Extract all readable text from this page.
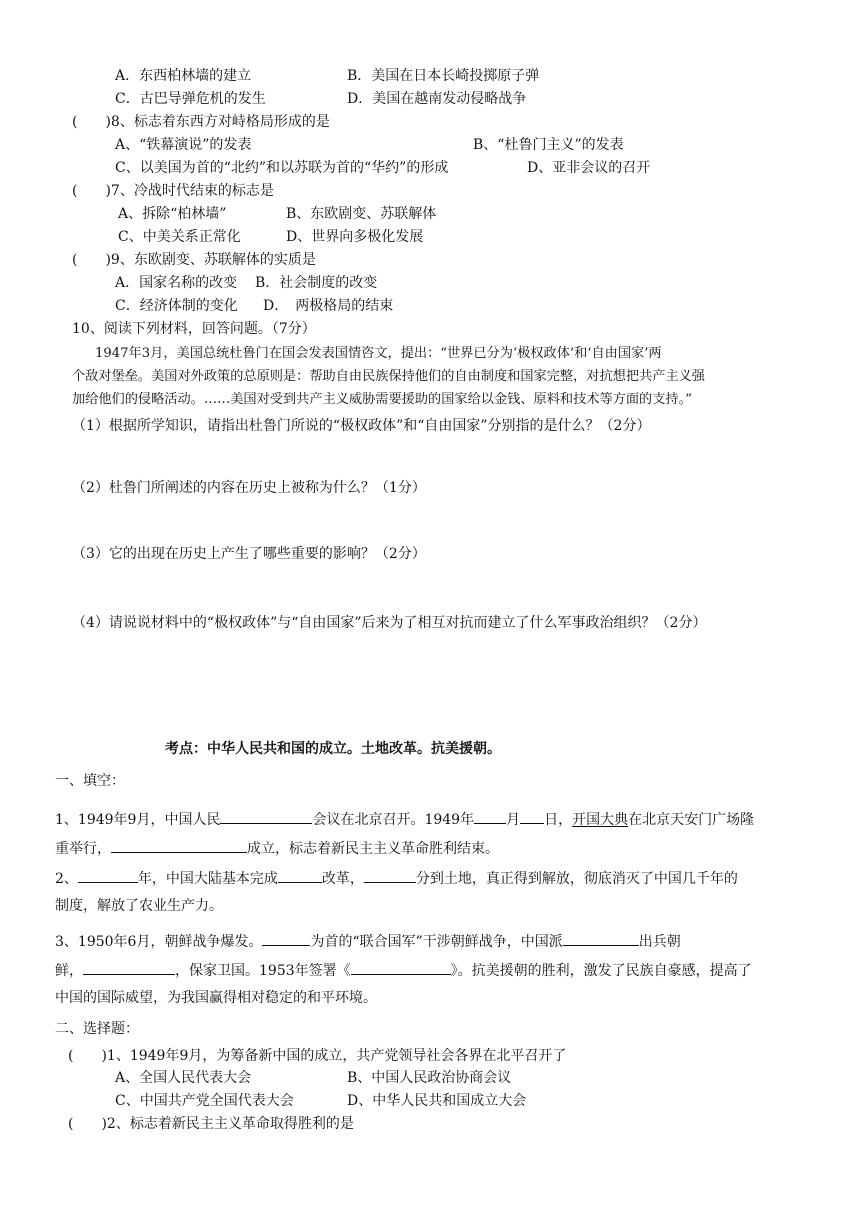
A．东西柏林墙的建立	B．美国在日本长崎投掷原子弹
C．古巴导弹危机的发生	D．美国在越南发动侵略战争
(　　)8、标志着东西方对峙格局形成的是
A、“铁幕演说”的发表	B、“杜鲁门主义”的发表
C、以美国为首的“北约”和以苏联为首的“华约”的形成	D、亚非会议的召开
(　　)7、冷战时代结束的标志是
A、拆除“柏林墙”	B、东欧剧变、苏联解体
C、中美关系正常化	D、世界向多极化发展
(　　)9、东欧剧变、苏联解体的实质是
A．国家名称的改变 B．社会制度的改变
C．经济体制的变化 D．　两极格局的结束
10、阅读下列材料，回答问题。（7分）
1947年3月，美国总统杜鲁门在国会发表国情咨文，提出：“世界已分为‘极权政体’和‘自由国家’两
个敌对堡垒。美国对外政策的总原则是：帮助自由民族保持他们的自由制度和国家完整，对抗想把共产主义强
加给他们的侵略活动。……美国对受到共产主义威胁需要援助的国家给以金钱、原料和技术等方面的支持。”
（1）根据所学知识，请指出杜鲁门所说的“极权政体”和“自由国家”分别指的是什么？（2分）
（2）杜鲁门所阐述的内容在历史上被称为什么？（1分）
（3）它的出现在历史上产生了哪些重要的影响？（2分）
（4）请说说材料中的“极权政体”与“自由国家”后来为了相互对抗而建立了什么军事政治组织？（2分）
考点：中华人民共和国的成立。土地改革。抗美援朝。
一、填空：
1、1949年9月，中国人民	会议在北京召开。1949年 月 日，开国大典在北京天安门广场隆
重举行，	成立，标志着新民主主义革命胜利结束。
2、	年，中国大陆基本完成	改革，	分到土地，真正得到解放，彻底消灭了中国几千年的
制度，解放了农业生产力。
3、1950年6月，朝鲜战争爆发。	为首的“联合国军”干涉朝鲜战争，中国派	出兵朝
鲜，	，保家卫国。1953年签署《	》。抗美援朝的胜利，激发了民族自豪感，提高了
中国的国际威望，为我国赢得相对稳定的和平环境。
二、选择题：
(　　)1、1949年9月，为筹备新中国的成立，共产党领导社会各界在北平召开了
A、全国人民代表大会	B、中国人民政治协商会议
C、中国共产党全国代表大会	D、中华人民共和国成立大会
(　　)2、标志着新民主主义革命取得胜利的是
